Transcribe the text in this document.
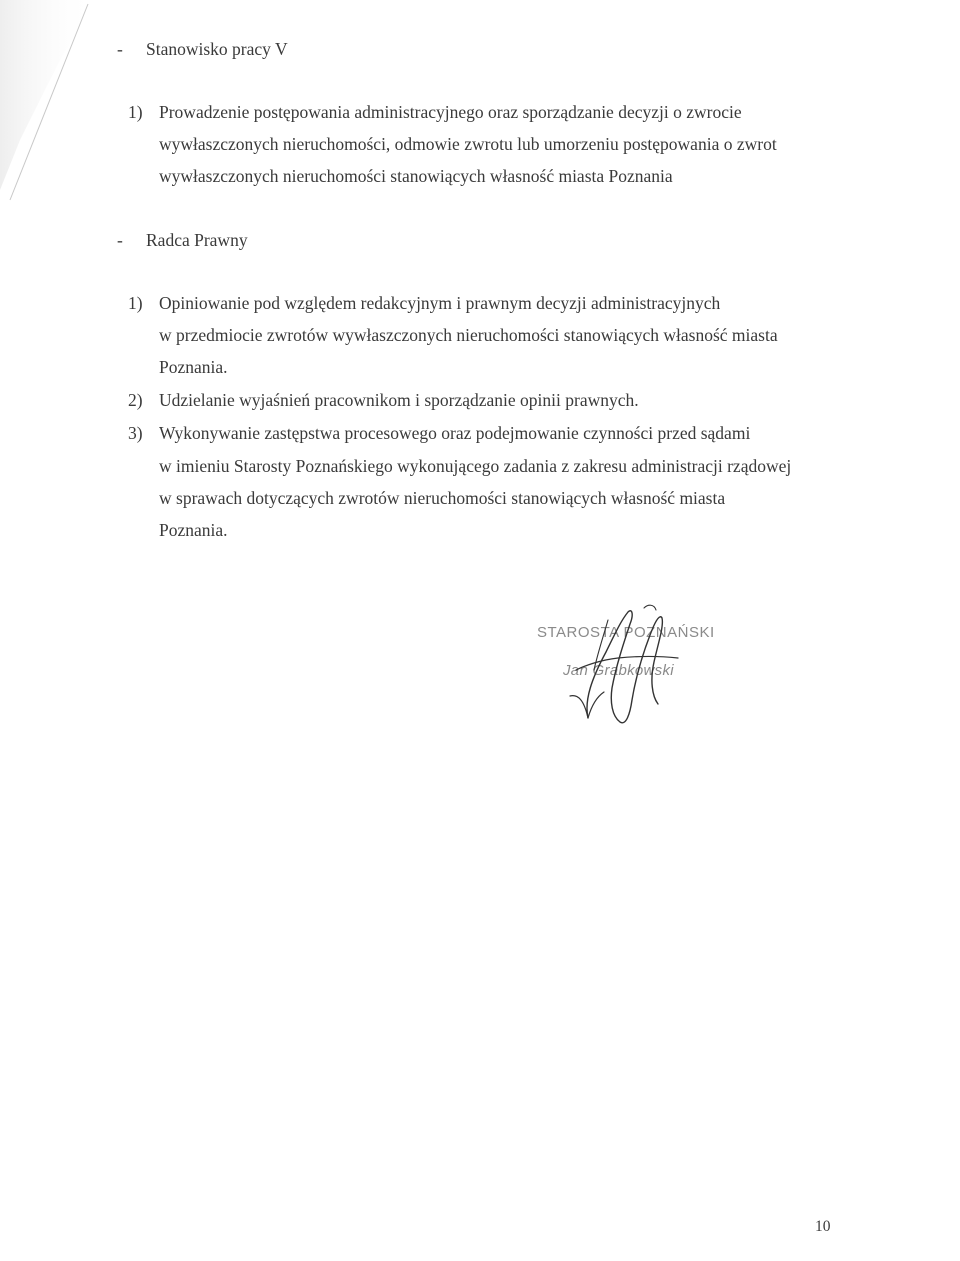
- Stanowisko pracy V
1) Prowadzenie postępowania administracyjnego oraz sporządzanie decyzji o zwrocie
wywłaszczonych nieruchomości, odmowie zwrotu lub umorzeniu postępowania o zwrot
wywłaszczonych nieruchomości stanowiących własność miasta Poznania
- Radca Prawny
1) Opiniowanie pod względem redakcyjnym i prawnym decyzji administracyjnych
w przedmiocie zwrotów wywłaszczonych nieruchomości stanowiących własność miasta
Poznania.
2) Udzielanie wyjaśnień pracownikom i sporządzanie opinii prawnych.
3) Wykonywanie zastępstwa procesowego oraz podejmowanie czynności przed sądami
w imieniu Starosty Poznańskiego wykonującego zadania z zakresu administracji rządowej
w sprawach dotyczących zwrotów nieruchomości stanowiących własność miasta
Poznania.
STAROSTA POZNAŃSKI
Jan Grabkowski
10
